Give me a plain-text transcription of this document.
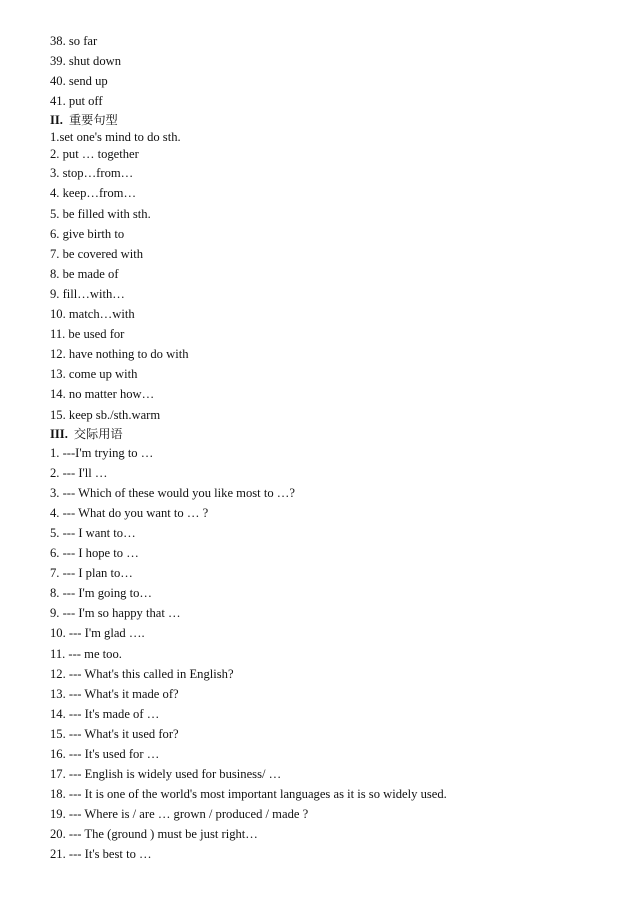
38. so far
39. shut down
40. send up
41. put off
II. 重要句型
1.set one's mind to do sth.
2. put … together
3. stop…from…
4. keep…from…
5. be filled with sth.
6. give birth to
7. be covered with
8. be made of
9. fill…with…
10. match…with
11. be used for
12. have nothing to do with
13. come up with
14. no matter how…
15. keep sb./sth.warm
III. 交际用语
1. ---I'm trying to …
2. --- I'll …
3. --- Which of these would you like most to …?
4. --- What do you want to … ?
5. --- I want to…
6. --- I hope to …
7. --- I plan to…
8. --- I'm going to…
9. --- I'm so happy that …
10. --- I'm glad ….
11. --- me too.
12. --- What's this called in English?
13. --- What's it made of?
14. --- It's made of …
15. --- What's it used for?
16. --- It's used for …
17. --- English is widely used for business/ …
18. --- It is one of the world's most important languages as it is so widely used.
19. --- Where is / are … grown / produced / made ?
20. --- The (ground ) must be just right…
21. --- It's best to …
